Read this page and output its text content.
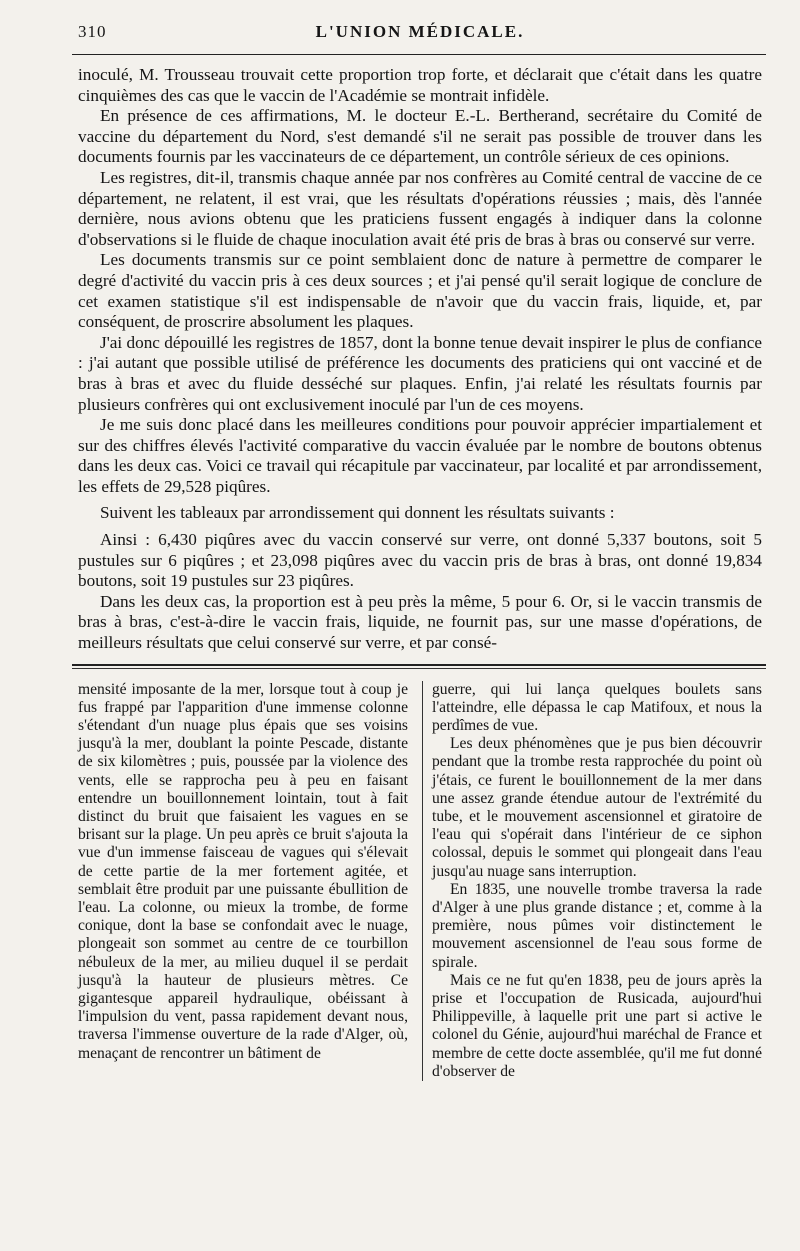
310	L'UNION MÉDICALE.

inoculé, M. Trousseau trouvait cette proportion trop forte, et déclarait que c'était dans les quatre cinquièmes des cas que le vaccin de l'Académie se montrait infidèle.

En présence de ces affirmations, M. le docteur E.-L. Bertherand, secrétaire du Comité de vaccine du département du Nord, s'est demandé s'il ne serait pas possible de trouver dans les documents fournis par les vaccinateurs de ce département, un contrôle sérieux de ces opinions.

Les registres, dit-il, transmis chaque année par nos confrères au Comité central de vaccine de ce département, ne relatent, il est vrai, que les résultats d'opérations réussies ; mais, dès l'année dernière, nous avions obtenu que les praticiens fussent engagés à indiquer dans la colonne d'observations si le fluide de chaque inoculation avait été pris de bras à bras ou conservé sur verre.

Les documents transmis sur ce point semblaient donc de nature à permettre de comparer le degré d'activité du vaccin pris à ces deux sources ; et j'ai pensé qu'il serait logique de conclure de cet examen statistique s'il est indispensable de n'avoir que du vaccin frais, liquide, et, par conséquent, de proscrire absolument les plaques.

J'ai donc dépouillé les registres de 1857, dont la bonne tenue devait inspirer le plus de confiance : j'ai autant que possible utilisé de préférence les documents des praticiens qui ont vacciné et de bras à bras et avec du fluide desséché sur plaques. Enfin, j'ai relaté les résultats fournis par plusieurs confrères qui ont exclusivement inoculé par l'un de ces moyens.

Je me suis donc placé dans les meilleures conditions pour pouvoir apprécier impartialement et sur des chiffres élevés l'activité comparative du vaccin évaluée par le nombre de boutons obtenus dans les deux cas. Voici ce travail qui récapitule par vaccinateur, par localité et par arrondissement, les effets de 29,528 piqûres.

Suivent les tableaux par arrondissement qui donnent les résultats suivants :

Ainsi : 6,430 piqûres avec du vaccin conservé sur verre, ont donné 5,337 boutons, soit 5 pustules sur 6 piqûres ; et 23,098 piqûres avec du vaccin pris de bras à bras, ont donné 19,834 boutons, soit 19 pustules sur 23 piqûres.

Dans les deux cas, la proportion est à peu près la même, 5 pour 6. Or, si le vaccin transmis de bras à bras, c'est-à-dire le vaccin frais, liquide, ne fournit pas, sur une masse d'opérations, de meilleurs résultats que celui conservé sur verre, et par consé-

mensité imposante de la mer, lorsque tout à coup je fus frappé par l'apparition d'une immense colonne s'étendant d'un nuage plus épais que ses voisins jusqu'à la mer, doublant la pointe Pescade, distante de six kilomètres ; puis, poussée par la violence des vents, elle se rapprocha peu à peu en faisant entendre un bouillonnement lointain, tout à fait distinct du bruit que faisaient les vagues en se brisant sur la plage. Un peu après ce bruit s'ajouta la vue d'un immense faisceau de vagues qui s'élevait de cette partie de la mer fortement agitée, et semblait être produit par une puissante ébullition de l'eau. La colonne, ou mieux la trombe, de forme conique, dont la base se confondait avec le nuage, plongeait son sommet au centre de ce tourbillon nébuleux de la mer, au milieu duquel il se perdait jusqu'à la hauteur de plusieurs mètres. Ce gigantesque appareil hydraulique, obéissant à l'impulsion du vent, passa rapidement devant nous, traversa l'immense ouverture de la rade d'Alger, où, menaçant de rencontrer un bâtiment de

guerre, qui lui lança quelques boulets sans l'atteindre, elle dépassa le cap Matifoux, et nous la perdîmes de vue.

Les deux phénomènes que je pus bien découvrir pendant que la trombe resta rapprochée du point où j'étais, ce furent le bouillonnement de la mer dans une assez grande étendue autour de l'extrémité du tube, et le mouvement ascensionnel et giratoire de l'eau qui s'opérait dans l'intérieur de ce siphon colossal, depuis le sommet qui plongeait dans l'eau jusqu'au nuage sans interruption.

En 1835, une nouvelle trombe traversa la rade d'Alger à une plus grande distance ; et, comme à la première, nous pûmes voir distinctement le mouvement ascensionnel de l'eau sous forme de spirale.

Mais ce ne fut qu'en 1838, peu de jours après la prise et l'occupation de Rusicada, aujourd'hui Philippeville, à laquelle prit une part si active le colonel du Génie, aujourd'hui maréchal de France et membre de cette docte assemblée, qu'il me fut donné d'observer de
